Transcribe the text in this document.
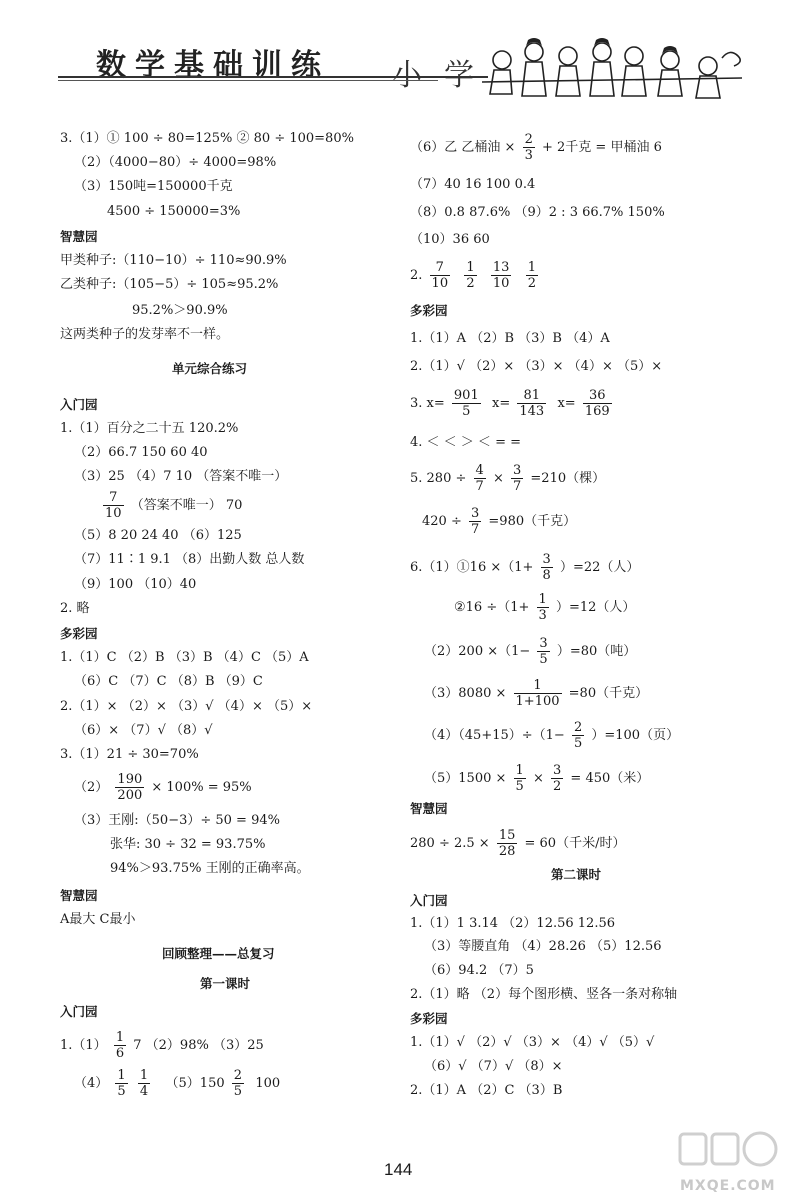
数学基础训练 小学
3.（1）① 100 ÷ 80=125% ② 80 ÷ 100=80%
（2）（4000−80）÷ 4000=98%
（3）150吨=150000千克
4500 ÷ 150000=3%
智慧园
甲类种子:（110−10）÷ 110≈90.9%
乙类种子:（105−5）÷ 105≈95.2%
95.2%＞90.9%
这两类种子的发芽率不一样。
单元综合练习
入门园
1.（1）百分之二十五 120.2%
（2）66.7 150 60 40
（3）25 （4）7 10 （答案不唯一）
$\frac{7}{10}$ （答案不唯一） 70
（5）8 20 24 40 （6）125
（7）11∶1 9.1 （8）出勤人数 总人数
（9）100 （10）40
2. 略
多彩园
1.（1）C （2）B （3）B （4）C （5）A
（6）C （7）C （8）B （9）C
2.（1）× （2）× （3）√ （4）× （5）×
（6）× （7）√ （8）√
3.（1）21 ÷ 30=70%
$(2) \frac{190}{200} \times 100\% = 95\%$
（3）王刚:（50−3）÷ 50 = 94%
张华: 30 ÷ 32 = 93.75%
94%＞93.75% 王刚的正确率高。
智慧园
A最大 C最小
回顾整理——总复习
第一课时
入门园
$1.(1) \frac{1}{6} 7$ （2）98% （3）25
$(4) \frac{1}{5}$
$\frac{1}{4} (5)150 \frac{2}{5} 100$
（6）乙 乙桶油 × $\frac{2}{3} + 2$千克 = 甲桶油 6
（7）40 16 100 0.4
（8）0.8 87.6% （9）2 : 3 66.7% 150%
（10）36 60
2. $\frac{7}{10}$
$\frac{1}{2}$
$\frac{13}{10}$
$\frac{1}{2}$
多彩园
1.（1）A （2）B （3）B （4）A
2.（1）√ （2）× （3）× （4）× （5）×
3. $x= \frac{901}{5} x= \frac{81}{143} x= \frac{36}{169}$
4. ＜ ＜ ＞ ＜ = =
5. $280 \div \frac{4}{7} \times \frac{3}{7} =210$（棵）
$420 \div \frac{3}{7} =980$（千克）
6.（1）①16 $\times(1+ \frac{3}{8} )=22$（人）
②16 $\div(1+ \frac{1}{3} )=12$（人）
$(2)200 \times(1- \frac{3}{5} )=80$（吨）
$(3)8080 \times \frac{1}{1+100} =80$（千克）
$(4)(45+15)\div(1- \frac{2}{5} )=100$（页）
$(5)1500 \times \frac{1}{5} \times \frac{3}{2} = 450$（米）
智慧园
$280 \div 2.5 \times \frac{15}{28} = 60$（千米/时）
第二课时
入门园
1.（1）1 3.14 （2）12.56 12.56
（3）等腰直角 （4）28.26 （5）12.56
（6）94.2 （7）5
2.（1）略 （2）每个图形横、竖各一条对称轴
多彩园
1.（1）√ （2）√ （3）× （4）√ （5）√
（6）√ （7）√ （8）×
2.（1）A （2）C （3）B
144
MXQE.COM
